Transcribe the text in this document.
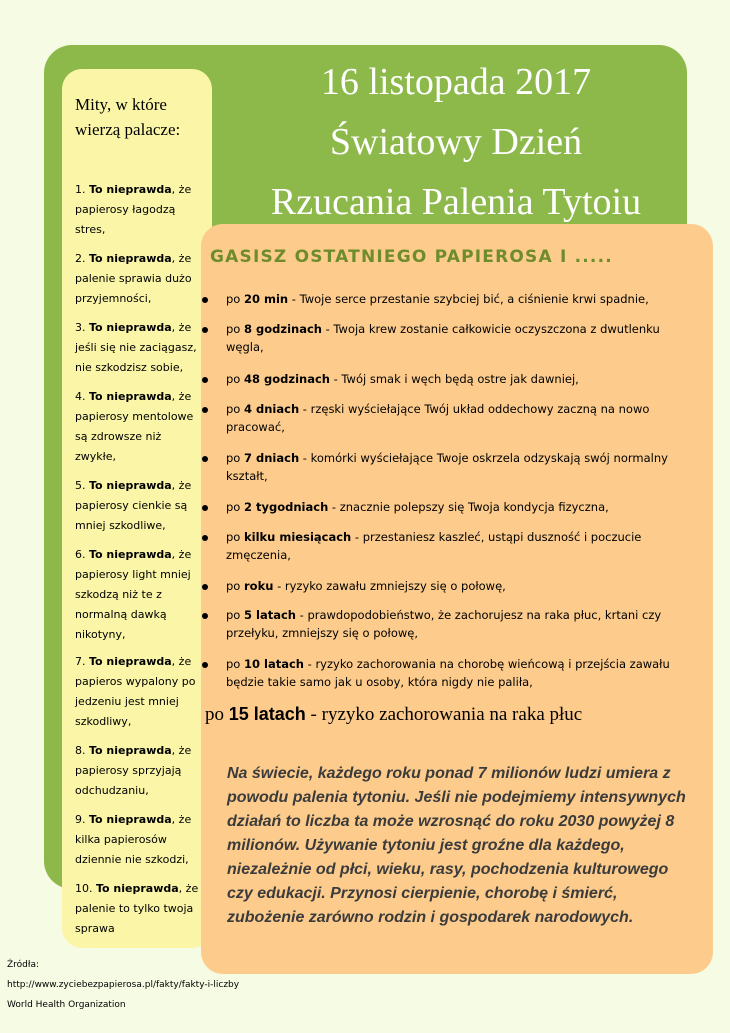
16 listopada 2017
Światowy Dzień
Rzucania Palenia Tytoiu
Mity, w które wierzą palacze:
1. To nieprawda, że papierosy łagodzą stres,
2. To nieprawda, że palenie sprawia dużo przyjemności,
3. To nieprawda, że jeśli się nie zaciągasz, nie szkodzisz sobie,
4. To nieprawda, że papierosy mentolowe są zdrowsze niż zwykłe,
5. To nieprawda, że papierosy cienkie są mniej szkodliwe,
6. To nieprawda, że papierosy light mniej szkodzą niż te z normalną dawką nikotyny,
7. To nieprawda, że papieros wypalony po jedzeniu jest mniej szkodliwy,
8. To nieprawda, że papierosy sprzyjają odchudzaniu,
9. To nieprawda, że kilka papierosów dziennie nie szkodzi,
10. To nieprawda, że palenie to tylko twoja sprawa
GASISZ OSTATNIEGO PAPIEROSA I .....
po 20 min - Twoje serce przestanie szybciej bić, a ciśnienie krwi spadnie,
po 8 godzinach - Twoja krew zostanie całkowicie oczyszczona z dwutlenku węgla,
po 48 godzinach - Twój smak i węch będą ostre jak dawniej,
po 4 dniach - rzęski wyściełające Twój układ oddechowy zaczną na nowo pracować,
po 7 dniach - komórki wyściełające Twoje oskrzela odzyskają swój normalny kształt,
po 2 tygodniach - znacznie polepszy się Twoja kondycja fizyczna,
po kilku miesiącach - przestaniesz kaszleć, ustąpi duszność i poczucie zmęczenia,
po roku - ryzyko zawału zmniejszy się o połowę,
po 5 latach - prawdopodobieństwo, że zachorujesz na raka płuc, krtani czy przełyku, zmniejszy się o połowę,
po 10 latach - ryzyko zachorowania na chorobę wieńcową i przejścia zawału będzie takie samo jak u osoby, która nigdy nie paliła,
po 15 latach - ryzyko zachorowania na raka płuc
Na świecie, każdego roku ponad 7 milionów ludzi umiera z powodu palenia tytoniu. Jeśli nie podejmiemy intensywnych działań to liczba ta może wzrosnąć do roku 2030 powyżej 8 milionów. Używanie tytoniu jest groźne dla każdego, niezależnie od płci, wieku, rasy, pochodzenia kulturowego czy edukacji. Przynosi cierpienie, chorobę i śmierć, zubożenie zarówno rodzin i gospodarek narodowych.
Źródła:
http://www.zyciebezpapierosa.pl/fakty/fakty-i-liczby
World Health Organization
